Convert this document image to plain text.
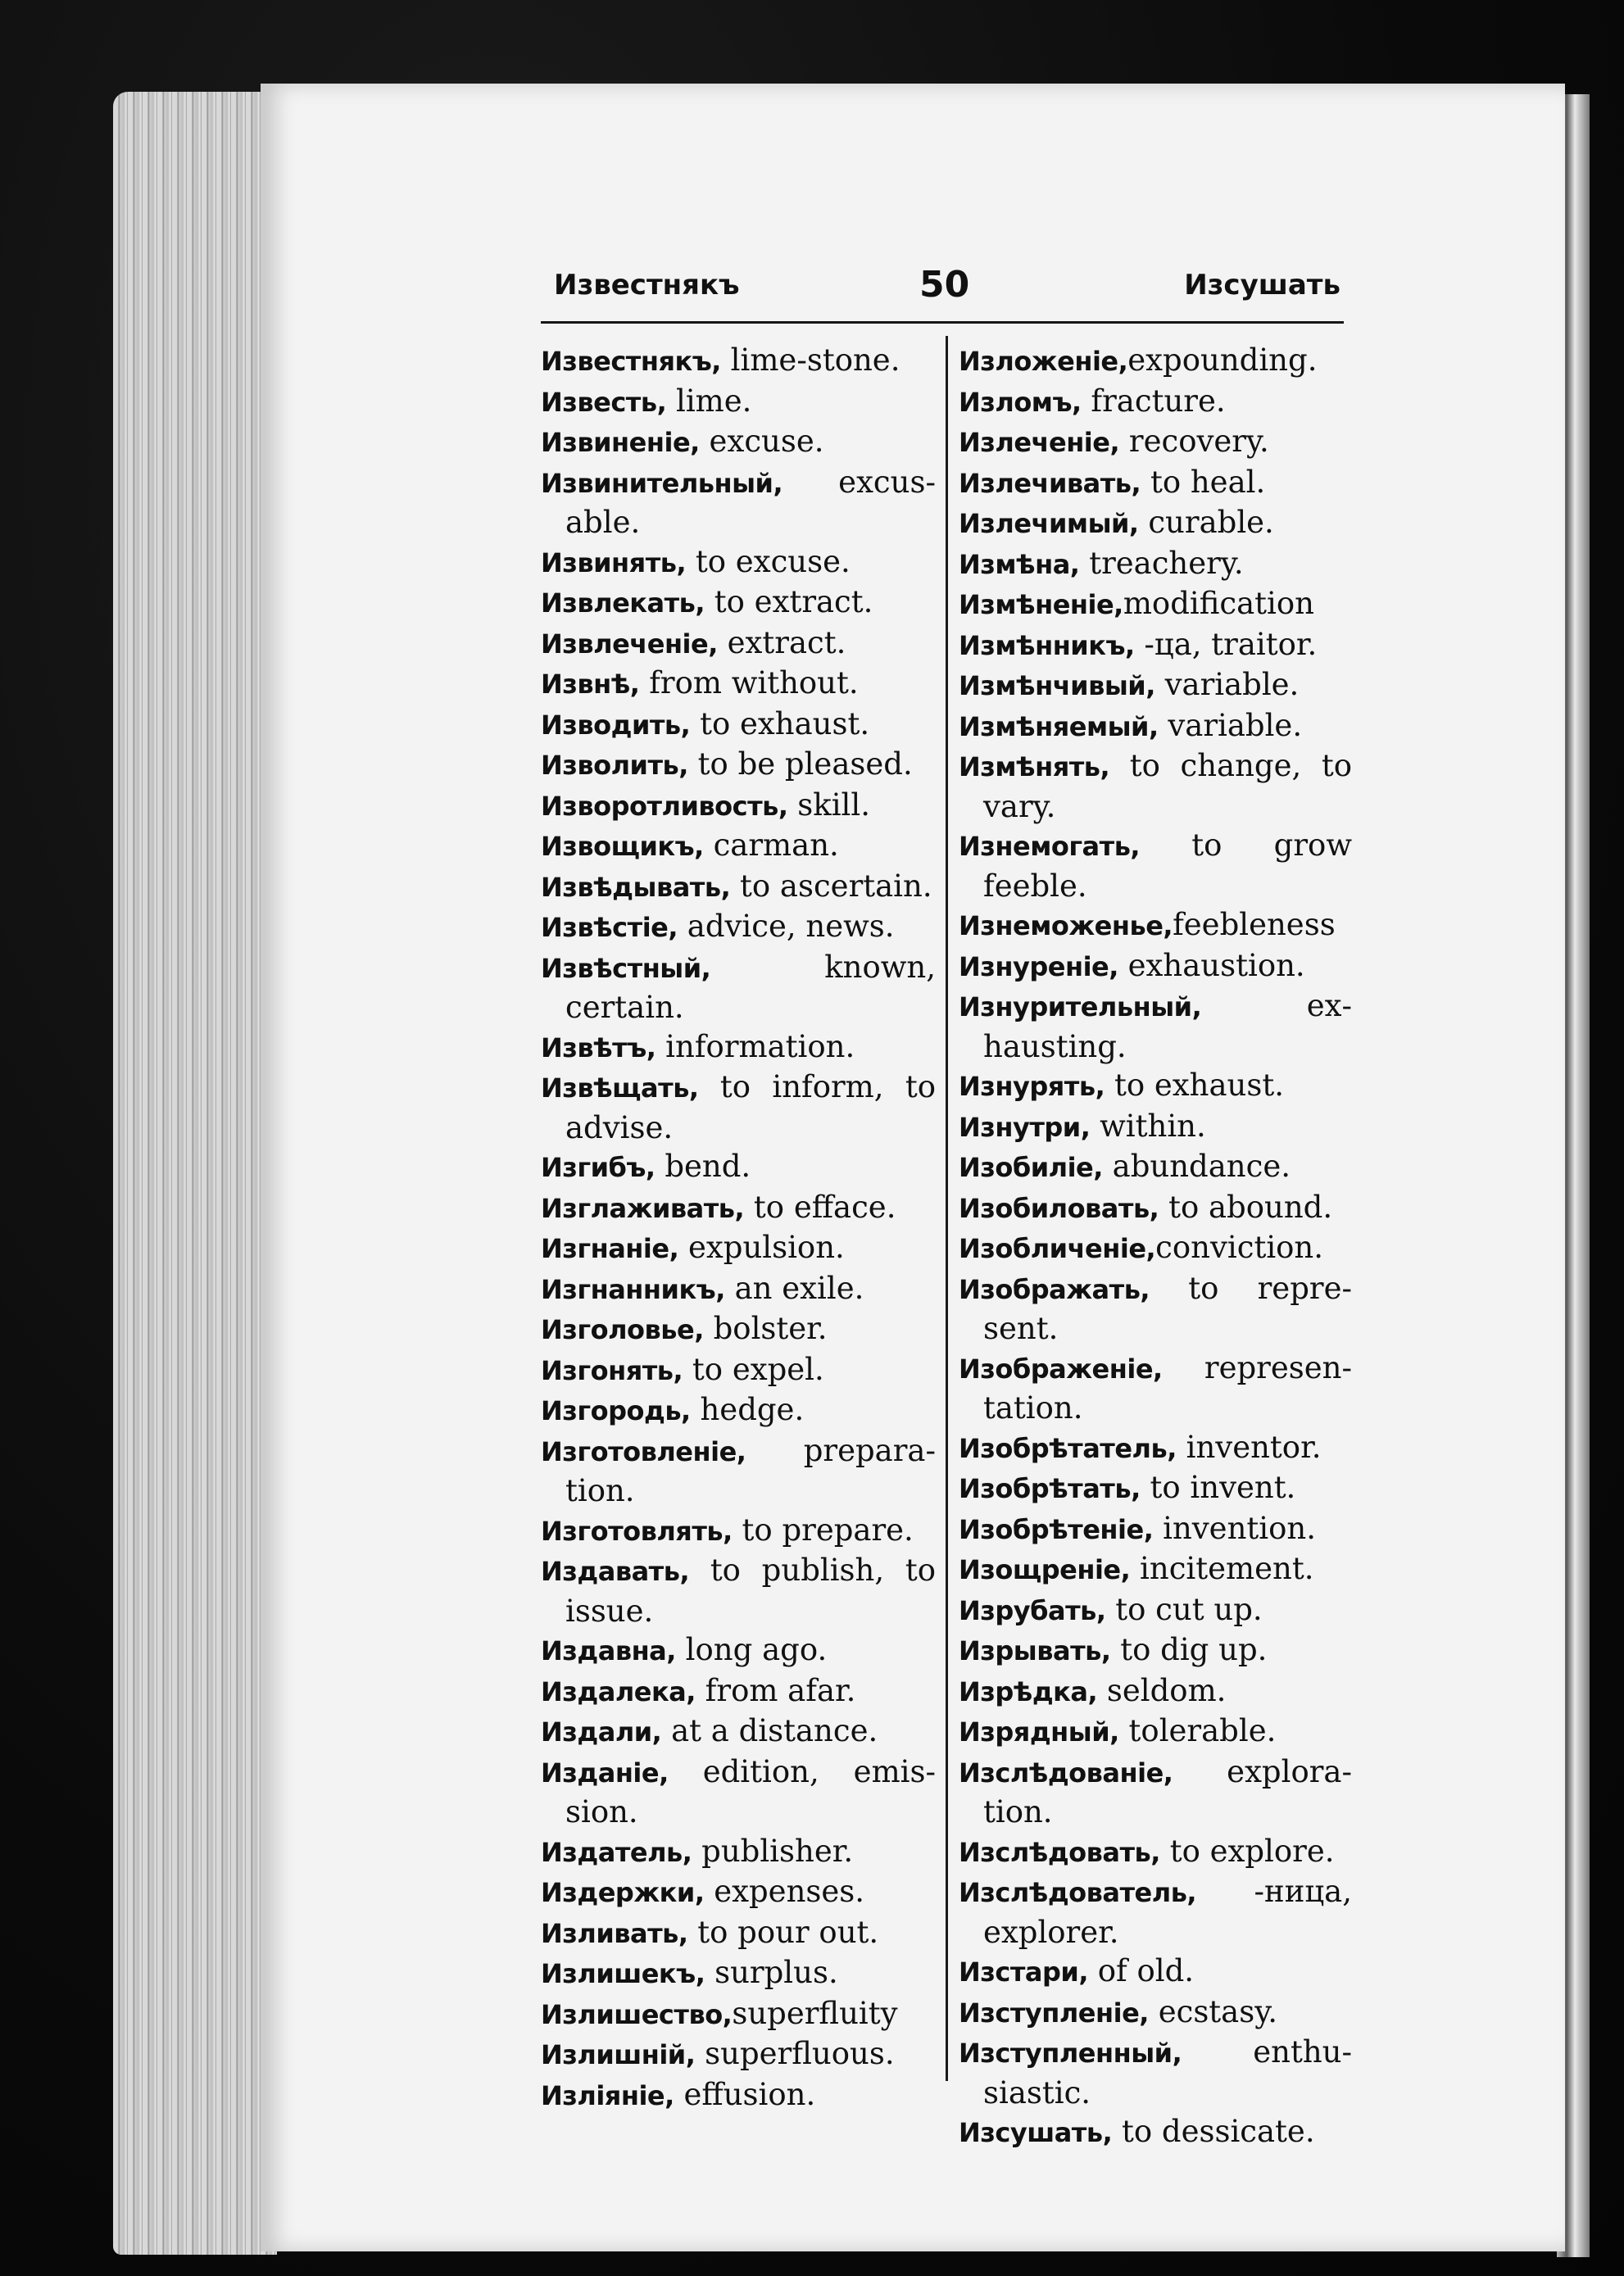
Известнякъ	50	Изсушать
Известнякъ, lime-stone.
Известь, lime.
Извиненіе, excuse.
Извинительный, excusable.
Извинять, to excuse.
Извлекать, to extract.
Извлеченіе, extract.
Извнѣ, from without.
Изводить, to exhaust.
Изволить, to be pleased.
Изворотливость, skill.
Извощикъ, carman.
Извѣдывать, to ascertain.
Извѣстіе, advice, news.
Извѣстный, known, certain.
Извѣтъ, information.
Извѣщать, to inform, to advise.
Изгибъ, bend.
Изглаживать, to efface.
Изгнаніе, expulsion.
Изгнанникъ, an exile.
Изголовье, bolster.
Изгонять, to expel.
Изгородь, hedge.
Изготовленіе, preparation.
Изготовлять, to prepare.
Издавать, to publish, to issue.
Издавна, long ago.
Издалека, from afar.
Издали, at a distance.
Изданіе, edition, emission.
Издатель, publisher.
Издержки, expenses.
Изливать, to pour out.
Излишекъ, surplus.
Излишество,superfluity
Излишній, superfluous.
Изліяніе, effusion.
Изложеніе,expounding.
Изломъ, fracture.
Излеченіе, recovery.
Излечивать, to heal.
Излечимый, curable.
Измѣна, treachery.
Измѣненіе,modification
Измѣнникъ, -ца, traitor.
Измѣнчивый, variable.
Измѣняемый, variable.
Измѣнять, to change, to vary.
Изнемогать, to grow feeble.
Изнеможенье,feebleness
Изнуреніе, exhaustion.
Изнурительный, exhausting.
Изнурять, to exhaust.
Изнутри, within.
Изобиліе, abundance.
Изобиловать, to abound.
Изобличеніе,conviction.
Изображать, to represent.
Изображеніе, representation.
Изобрѣтатель, inventor.
Изобрѣтать, to invent.
Изобрѣтеніе, invention.
Изощреніе, incitement.
Изрубать, to cut up.
Изрывать, to dig up.
Изрѣдка, seldom.
Изрядный, tolerable.
Изслѣдованіе, exploration.
Изслѣдовать, to explore.
Изслѣдователь, -ница, explorer.
Изстари, of old.
Изступленіе, ecstasy.
Изступленный, enthusiastic.
Изсушать, to dessicate.
